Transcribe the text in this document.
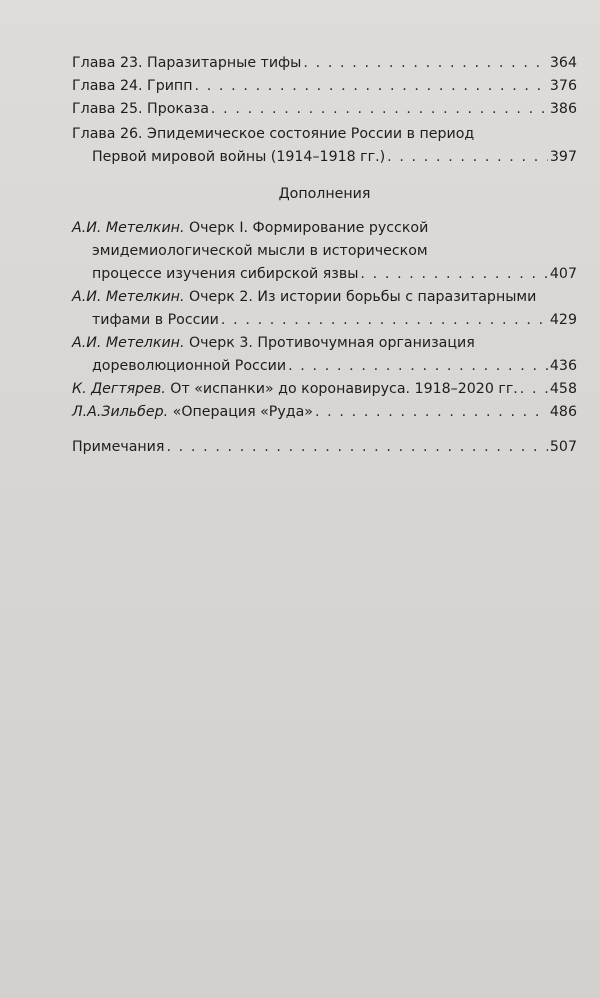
Глава 23. Паразитарные тифы . . .	364
Глава 24. Грипп . . .	376
Глава 25. Проказа . . .	386
Глава 26. Эпидемическое состояние России в период
Первой мировой войны (1914–1918 гг.) . . .	397
Дополнения
А.И. Метелкин. Очерк I. Формирование русской
эмидемиологической мысли в историческом
процессе изучения сибирской язвы . . .	407
А.И. Метелкин. Очерк 2. Из истории борьбы с паразитарными
тифами в России . . .	429
А.И. Метелкин. Очерк 3. Противочумная организация
дореволюционной России . . .	436
К. Дегтярев. От «испанки» до коронавируса. 1918–2020 гг. . . . 458
Л.А.Зильбер. «Операция «Руда» . . .	486
Примечания . . .	507
